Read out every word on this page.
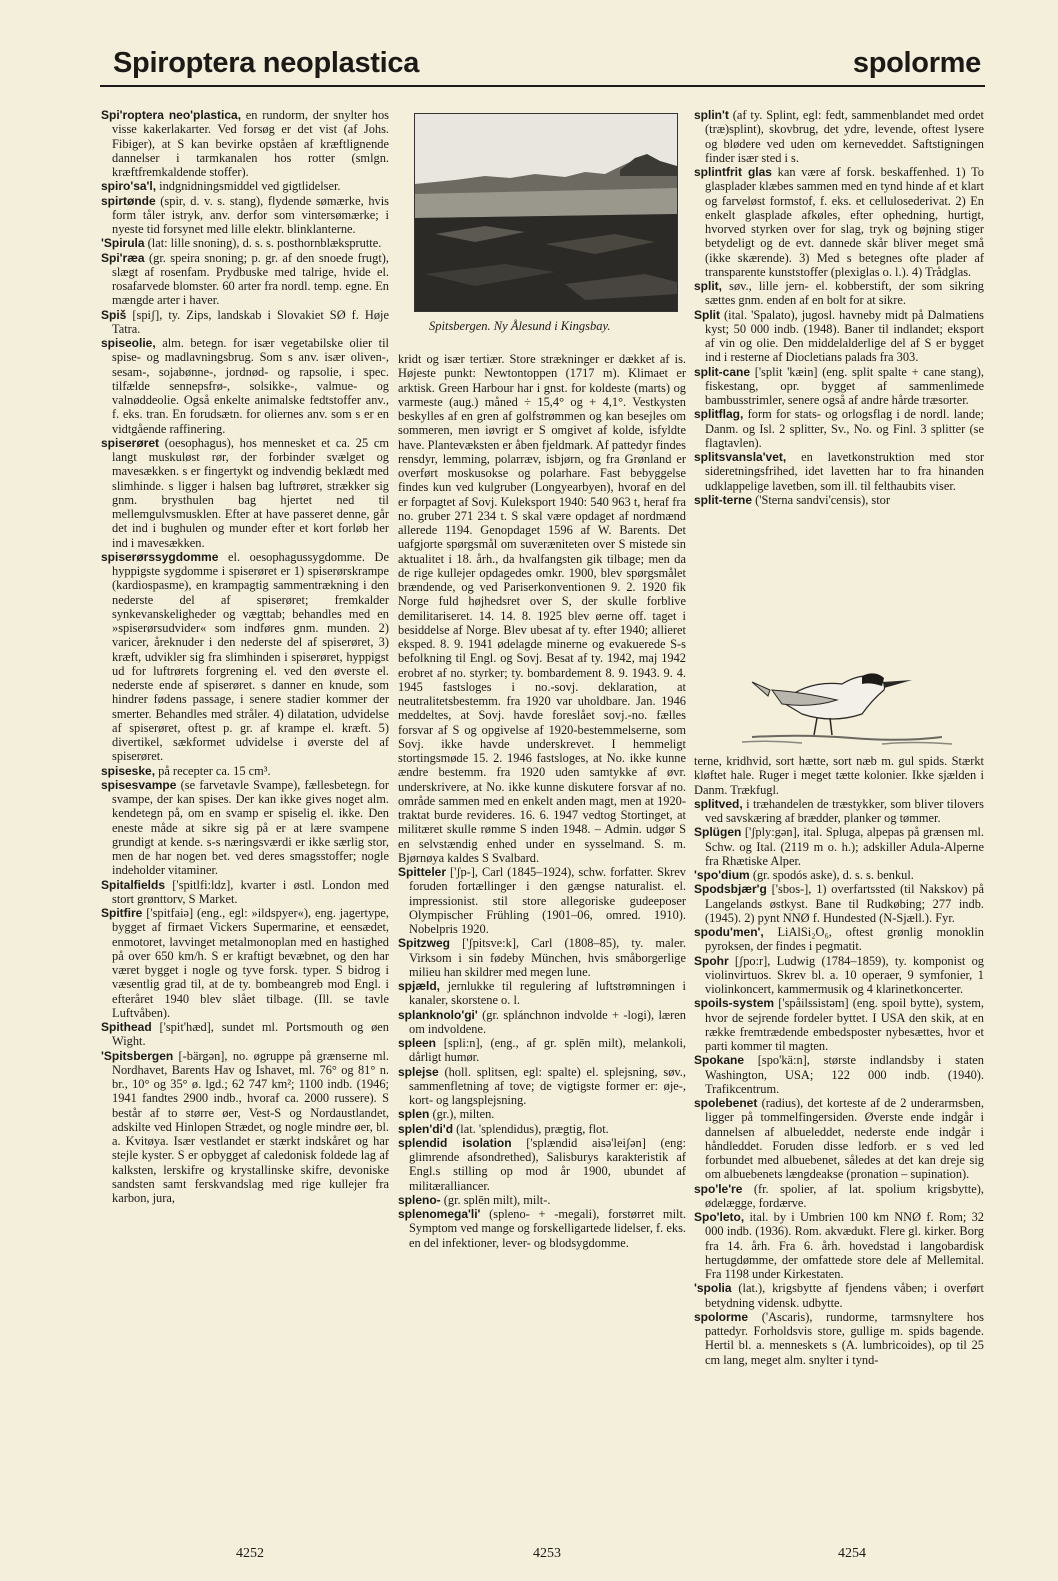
Spiroptera neoplastica	spolorme

Spi'roptera neo'plastica, en rundorm, der snylter hos visse kakerlakarter. Ved forsøg er det vist (af Johs. Fibiger), at S kan bevirke opståen af kræftlignende dannelser i tarmkanalen hos rotter (smlgn. kræftfremkaldende stoffer).

spiro'sa'l, indgnidningsmiddel ved gigtlidelser.

spirtønde (spir, d. v. s. stang), flydende sømærke, hvis form tåler istryk, anv. derfor som vintersømærke; i nyeste tid forsynet med lille elektr. blinklanterne.

'Spirula (lat: lille snoning), d. s. s. posthornblæksprutte.

Spi'ræa (gr. speira snoning; p. gr. af den snoede frugt), slægt af rosenfam. Prydbuske med talrige, hvide el. rosafarvede blomster. 60 arter fra nordl. temp. egne. En mængde arter i haver.

Spiš [spiʃ], ty. Zips, landskab i Slovakiet SØ f. Høje Tatra.

spiseolie, alm. betegn. for især vegetabilske olier til spise- og madlavningsbrug. Som s anv. især oliven-, sesam-, sojabønne-, jordnød- og rapsolie, i spec. tilfælde sennepsfrø-, solsikke-, valmue- og valnøddeolie. Også enkelte animalske fedtstoffer anv., f. eks. tran. En forudsætn. for oliernes anv. som s er en vidtgående raffinering.

spiserøret (oesophagus), hos mennesket et ca. 25 cm langt muskuløst rør, der forbinder svælget og mavesækken. s er fingertykt og indvendig beklædt med slimhinde. s ligger i halsen bag luftrøret, strækker sig gnm. brysthulen bag hjertet ned til mellemgulvsmusklen. Efter at have passeret denne, går det ind i bughulen og munder efter et kort forløb her ind i mavesækken.

spiserørssygdomme el. oesophagussygdomme. De hyppigste sygdomme i spiserøret er 1) spiserørskrampe (kardiospasme), en krampagtig sammentrækning i den nederste del af spiserøret; fremkalder synkevanskeligheder og vægttab; behandles med en »spiserørsudvider« som indføres gnm. munden. 2) varicer, åreknuder i den nederste del af spiserøret, 3) kræft, udvikler sig fra slimhinden i spiserøret, hyppigst ud for luftrørets forgrening el. ved den øverste el. nederste ende af spiserøret. s danner en knude, som hindrer fødens passage, i senere stadier kommer der smerter. Behandles med stråler. 4) dilatation, udvidelse af spiserøret, oftest p. gr. af krampe el. kræft. 5) divertikel, sækformet udvidelse i øverste del af spiserøret.

spiseske, på recepter ca. 15 cm³.

spisesvampe (se farvetavle Svampe), fællesbetegn. for svampe, der kan spises. Der kan ikke gives noget alm. kendetegn på, om en svamp er spiselig el. ikke. Den eneste måde at sikre sig på er at lære svampene grundigt at kende. s-s næringsværdi er ikke særlig stor, men de har nogen bet. ved deres smagsstoffer; nogle indeholder vitaminer.

Spitalfields ['spitlfi:ldz], kvarter i østl. London med stort grønttorv, S Market.

Spitfire ['spitfaiə] (eng., egl: »ildspyer«), eng. jagertype, bygget af firmaet Vickers Supermarine, et eensædet, enmotoret, lavvinget metalmonoplan med en hastighed på over 650 km/h. S er kraftigt bevæbnet, og den har været bygget i nogle og tyve forsk. typer. S bidrog i væsentlig grad til, at de ty. bombeangreb mod Engl. i efteråret 1940 blev slået tilbage. (Ill. se tavle Luftvåben).

Spithead ['spit'hæd], sundet ml. Portsmouth og øen Wight.

'Spitsbergen [-bärgən], no. øgruppe på grænserne ml. Nordhavet, Barents Hav og Ishavet, ml. 76° og 81° n. br., 10° og 35° ø. lgd.; 62 747 km²; 1100 indb. (1946; 1941 fandtes 2900 indb., hvoraf ca. 2000 russere). S består af to større øer, Vest-S og Nordaustlandet, adskilte ved Hinlopen Strædet, og nogle mindre øer, bl. a. Kvitøya. Især vestlandet er stærkt indskåret og har stejle kyster. S er opbygget af caledonisk foldede lag af kalksten, lerskifre og krystallinske skifre, devoniske sandsten samt ferskvandslag med rige kullejer fra karbon, jura,

Spitsbergen. Ny Ålesund i Kingsbay.

kridt og især tertiær. Store strækninger er dækket af is. Højeste punkt: Newtontoppen (1717 m). Klimaet er arktisk. Green Harbour har i gnst. for koldeste (marts) og varmeste (aug.) måned ÷ 15,4° og + 4,1°. Vestkysten beskylles af en gren af golfstrømmen og kan besejles om sommeren, men iøvrigt er S omgivet af kolde, isfyldte have. Plantevæksten er åben fjeldmark. Af pattedyr findes rensdyr, lemming, polarræv, isbjørn, og fra Grønland er overført moskusokse og polarhare. Fast bebyggelse findes kun ved kulgruber (Longyearbyen), hvoraf en del er forpagtet af Sovj. Kuleksport 1940: 540 963 t, heraf fra no. gruber 271 234 t. S skal være opdaget af nordmænd allerede 1194. Genopdaget 1596 af W. Barents. Det uafgjorte spørgsmål om suveræniteten over S mistede sin aktualitet i 18. årh., da hvalfangsten gik tilbage; men da de rige kullejer opdagedes omkr. 1900, blev spørgsmålet brændende, og ved Pariserkonventionen 9. 2. 1920 fik Norge fuld højhedsret over S, der skulle forblive demilitariseret. 14. 14. 8. 1925 blev øerne off. taget i besiddelse af Norge. Blev ubesat af ty. efter 1940; allieret eksped. 8. 9. 1941 ødelagde minerne og evakuerede S-s befolkning til Engl. og Sovj. Besat af ty. 1942, maj 1942 erobret af no. styrker; ty. bombardement 8. 9. 1943. 9. 4. 1945 fastsloges i no.-sovj. deklaration, at neutralitetsbestemm. fra 1920 var uholdbare. Jan. 1946 meddeltes, at Sovj. havde foreslået sovj.-no. fælles forsvar af S og opgivelse af 1920-bestemmelserne, som Sovj. ikke havde underskrevet. I hemmeligt stortingsmøde 15. 2. 1946 fastsloges, at No. ikke kunne ændre bestemm. fra 1920 uden samtykke af øvr. underskrivere, at No. ikke kunne diskutere forsvar af no. område sammen med en enkelt anden magt, men at 1920-traktat burde revideres. 16. 6. 1947 vedtog Stortinget, at militæret skulle rømme S inden 1948. – Admin. udgør S en selvstændig enhed under en sysselmand. S. m. Bjørnøya kaldes S Svalbard.

Spitteler ['ʃp-], Carl (1845–1924), schw. forfatter. Skrev foruden fortællinger i den gængse naturalist. el. impressionist. stil store allegoriske gudeeposer Olympischer Frühling (1901–06, omred. 1910). Nobelpris 1920.

Spitzweg ['ʃpitsve:k], Carl (1808–85), ty. maler. Virksom i sin fødeby München, hvis småborgerlige milieu han skildrer med megen lune.

spjæld, jernlukke til regulering af luftstrømningen i kanaler, skorstene o. l.

splanknolo'gi' (gr. splánchnon indvolde + -logi), læren om indvoldene.

spleen [spli:n], (eng., af gr. splēn milt), melankoli, dårligt humør.

splejse (holl. splitsen, egl: spalte) el. splejsning, søv., sammenfletning af tove; de vigtigste former er: øje-, kort- og langsplejsning.

splen (gr.), milten.

splen'di'd (lat. 'splendidus), prægtig, flot.

splendid isolation ['splændid aisə'leiʃən] (eng: glimrende afsondrethed), Salisburys karakteristik af Engl.s stilling op mod år 1900, ubundet af militæralliancer.

spleno- (gr. splēn milt), milt-.

splenomega'li' (spleno- + -megali), forstørret milt. Symptom ved mange og forskelligartede lidelser, f. eks. en del infektioner, lever- og blodsygdomme.

splin't (af ty. Splint, egl: fedt, sammenblandet med ordet (træ)splint), skovbrug, det ydre, levende, oftest lysere og blødere ved uden om kerneveddet. Saftstigningen finder især sted i s.

splintfrit glas kan være af forsk. beskaffenhed. 1) To glasplader klæbes sammen med en tynd hinde af et klart og farveløst formstof, f. eks. et cellulosederivat. 2) En enkelt glasplade afkøles, efter ophedning, hurtigt, hvorved styrken over for slag, tryk og bøjning stiger betydeligt og de evt. dannede skår bliver meget små (ikke skærende). 3) Med s betegnes ofte plader af transparente kunststoffer (plexiglas o. l.). 4) Trådglas.

split, søv., lille jern- el. kobberstift, der som sikring sættes gnm. enden af en bolt for at sikre.

Split (ital. 'Spalato), jugosl. havneby midt på Dalmatiens kyst; 50 000 indb. (1948). Baner til indlandet; eksport af vin og olie. Den middelalderlige del af S er bygget ind i resterne af Diocletians palads fra 303.

split-cane ['split 'kæin] (eng. split spalte + cane stang), fiskestang, opr. bygget af sammenlimede bambusstrimler, senere også af andre hårde træsorter.

splitflag, form for stats- og orlogsflag i de nordl. lande; Danm. og Isl. 2 splitter, Sv., No. og Finl. 3 splitter (se flagtavlen).

splitsvansla'vet, en lavetkonstruktion med stor sideretningsfrihed, idet lavetten har to fra hinanden udklappelige lavetben, som ill. til felthaubits viser.

split-terne ('Sterna sandvi'censis), stor

terne, kridhvid, sort hætte, sort næb m. gul spids. Stærkt kløftet hale. Ruger i meget tætte kolonier. Ikke sjælden i Danm. Trækfugl.

splitved, i træhandelen de træstykker, som bliver tilovers ved savskæring af brædder, planker og tømmer.

Splügen ['ʃply:gən], ital. Spluga, alpepas på grænsen ml. Schw. og Ital. (2119 m o. h.); adskiller Adula-Alperne fra Rhætiske Alper.

'spo'dium (gr. spodós aske), d. s. s. benkul.

Spodsbjær'g ['sbos-], 1) overfartssted (til Nakskov) på Langelands østkyst. Bane til Rudkøbing; 277 indb. (1945). 2) pynt NNØ f. Hundested (N-Sjæll.). Fyr.

spodu'men', LiAlSi₂O₆, oftest grønlig monoklin pyroksen, der findes i pegmatit.

Spohr [ʃpo:r], Ludwig (1784–1859), ty. komponist og violinvirtuos. Skrev bl. a. 10 operaer, 9 symfonier, 1 violinkoncert, kammermusik og 4 klarinetkoncerter.

spoils-system ['spåilssistəm] (eng. spoil bytte), system, hvor de sejrende fordeler byttet. I USA den skik, at en række fremtrædende embedsposter nybesættes, hvor et parti kommer til magten.

Spokane [spo'kä:n], største indlandsby i staten Washington, USA; 122 000 indb. (1940). Trafikcentrum.

spolebenet (radius), det korteste af de 2 underarmsben, ligger på tommelfingersiden. Øverste ende indgår i dannelsen af albueleddet, nederste ende indgår i håndleddet. Foruden disse ledforb. er s ved led forbundet med albuebenet, således at det kan dreje sig om albuebenets længdeakse (pronation – supination).

spo'le're (fr. spolier, af lat. spolium krigsbytte), ødelægge, fordærve.

Spo'leto, ital. by i Umbrien 100 km NNØ f. Rom; 32 000 indb. (1936). Rom. akvædukt. Flere gl. kirker. Borg fra 14. årh. Fra 6. årh. hovedstad i langobardisk hertugdømme, der omfattede store dele af Mellemital. Fra 1198 under Kirkestaten.

'spolia (lat.), krigsbytte af fjendens våben; i overført betydning vidensk. udbytte.

spolorme ('Ascaris), rundorme, tarmsnyltere hos pattedyr. Forholdsvis store, gullige m. spids bagende. Hertil bl. a. menneskets s (A. lumbricoides), op til 25 cm lang, meget alm. snylter i tynd-

4252	4253	4254
